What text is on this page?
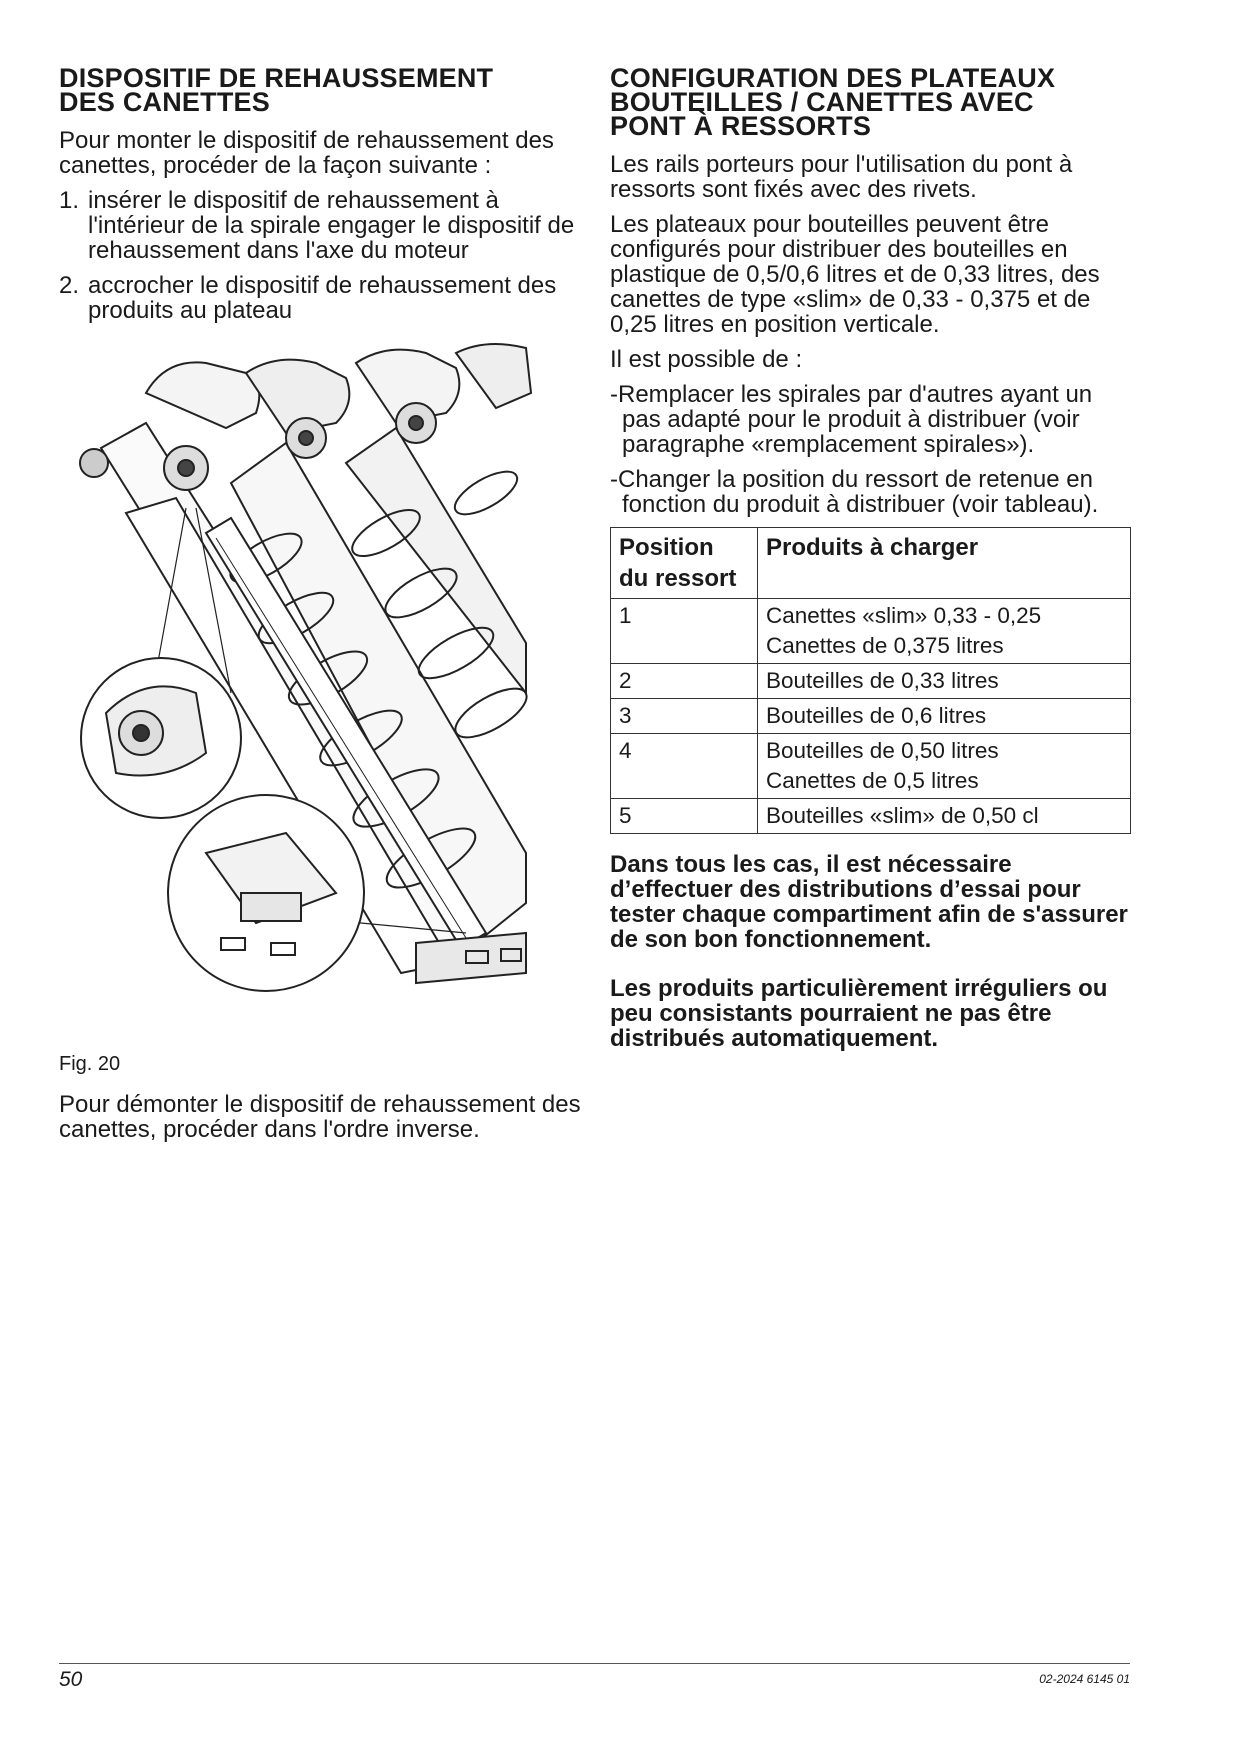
DISPOSITIF DE REHAUSSEMENT
DES CANETTES

Pour monter le dispositif de rehaussement des canettes, procéder de la façon suivante :

1. insérer le dispositif de rehaussement à l'intérieur de la spirale engager le dispositif de rehaussement dans l'axe du moteur
2. accrocher le dispositif de rehaussement des produits au plateau
Fig. 20

Pour démonter le dispositif de rehaussement des canettes, procéder dans l'ordre inverse.

CONFIGURATION DES PLATEAUX
BOUTEILLES / CANETTES AVEC
PONT À RESSORTS

Les rails porteurs pour l'utilisation du pont à ressorts sont fixés avec des rivets.

Les plateaux pour bouteilles peuvent être configurés pour distribuer des bouteilles en plastique de 0,5/0,6 litres et de 0,33 litres, des canettes de type «slim» de 0,33 - 0,375 et de 0,25 litres en position verticale.

Il est possible de :

-Remplacer les spirales par d'autres ayant un pas adapté pour le produit à distribuer (voir paragraphe «remplacement spirales»).
-Changer la position du ressort de retenue en fonction du produit à distribuer (voir tableau).
Position du ressort	Produits à charger
1	Canettes «slim» 0,33 - 0,25
Canettes de 0,375 litres

2	Bouteilles de 0,33 litres

3	Bouteilles de 0,6 litres

4	Bouteilles de 0,50 litres
Canettes de 0,5 litres

5	Bouteilles «slim» de 0,50 cl

Dans tous les cas, il est nécessaire d’effectuer des distributions d’essai pour tester chaque compartiment afin de s'assurer de son bon fonctionnement.

Les produits particulièrement irréguliers ou peu consistants pourraient ne pas être distribués automatiquement.

50	02-2024 6145 01
